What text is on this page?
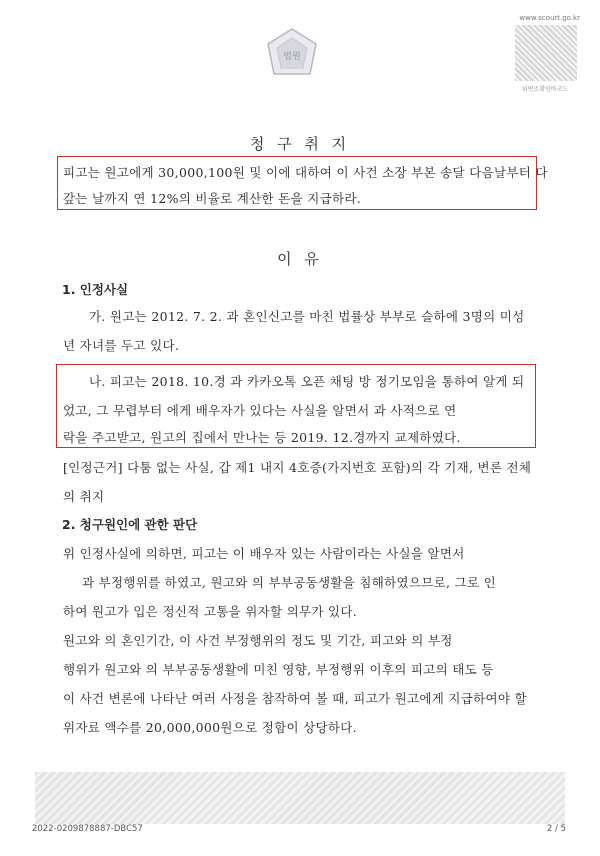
법원
www.scourt.go.kr
위변조확인바코드
청 구 취 지
피고는 원고에게 30,000,100원 및 이에 대하여 이 사건 소장 부본 송달 다음날부터 다
갚는 날까지 연 12%의 비율로 계산한 돈을 지급하라.
이 유
1. 인정사실
가. 원고는 2012. 7. 2. 과 혼인신고를 마친 법률상 부부로 슬하에 3명의 미성
년 자녀를 두고 있다.
나. 피고는 2018. 10.경 과 카카오톡 오픈 채팅 방 정기모임을 통하여 알게 되
었고, 그 무렵부터 에게 배우자가 있다는 사실을 알면서 과 사적으로 연
락을 주고받고, 원고의 집에서 만나는 등 2019. 12.경까지 교제하였다.
[인정근거] 다툼 없는 사실, 갑 제1 내지 4호증(가지번호 포함)의 각 기재, 변론 전체
의 취지
2. 청구원인에 관한 판단
위 인정사실에 의하면, 피고는 이 배우자 있는 사람이라는 사실을 알면서
과 부정행위를 하였고, 원고와 의 부부공동생활을 침해하였으므로, 그로 인
하여 원고가 입은 정신적 고통을 위자할 의무가 있다.
원고와 의 혼인기간, 이 사건 부정행위의 정도 및 기간, 피고와 의 부정
행위가 원고와 의 부부공동생활에 미친 영향, 부정행위 이후의 피고의 태도 등
이 사건 변론에 나타난 여러 사정을 참작하여 볼 때, 피고가 원고에게 지급하여야 할
위자료 액수를 20,000,000원으로 정함이 상당하다.
2022-0209878887-DBC57	2 / 5
